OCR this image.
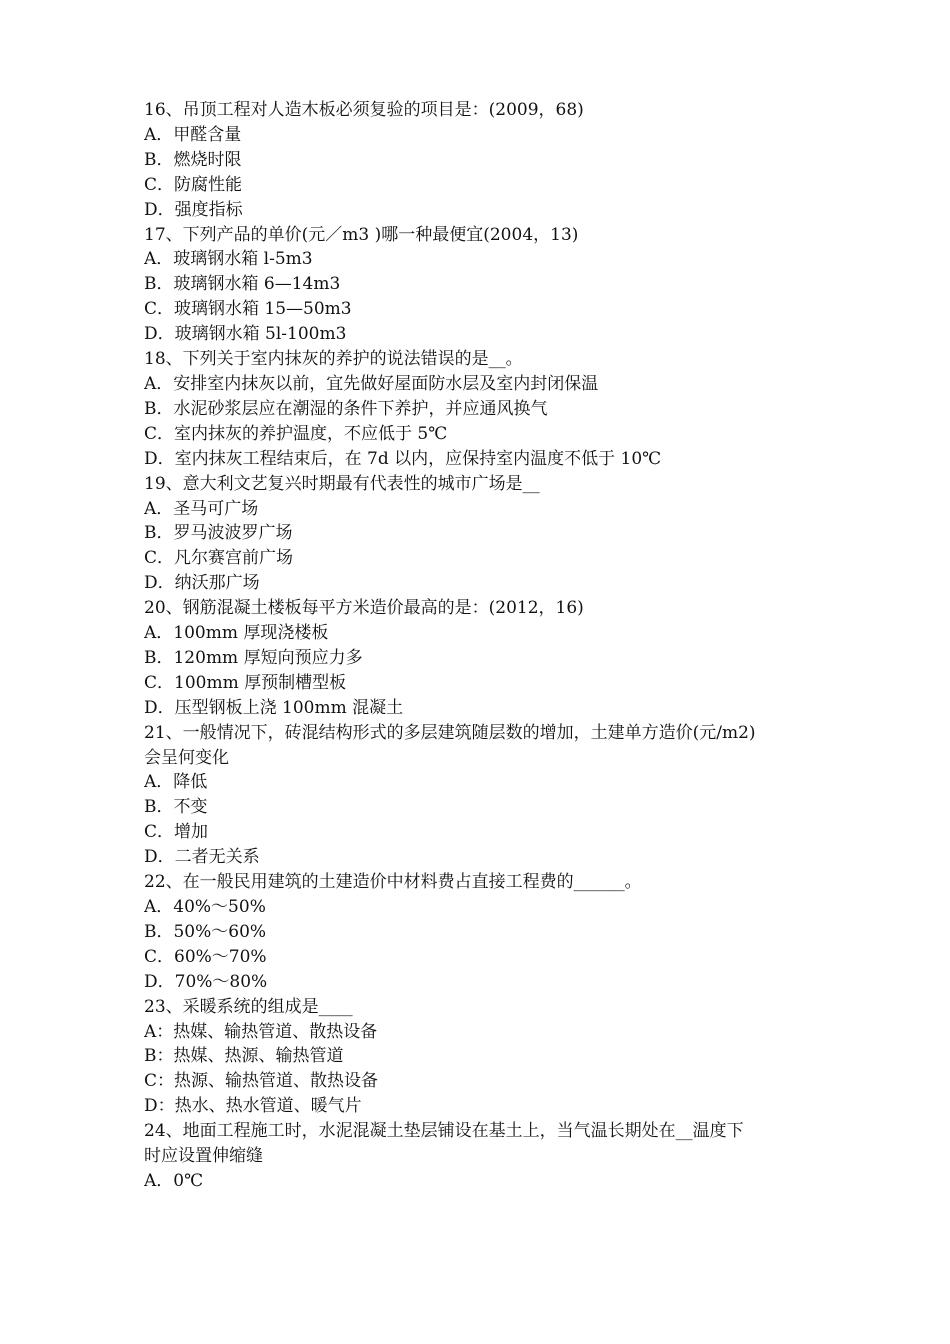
16、吊顶工程对人造木板必须复验的项目是：(2009，68)
A．甲醛含量
B．燃烧时限
C．防腐性能
D．强度指标
17、下列产品的单价(元／m3 )哪一种最便宜(2004，13)
A．玻璃钢水箱 l-5m3
B．玻璃钢水箱 6—14m3
C．玻璃钢水箱 15—50m3
D．玻璃钢水箱 5l-100m3
18、下列关于室内抹灰的养护的说法错误的是__。
A．安排室内抹灰以前，宜先做好屋面防水层及室内封闭保温
B．水泥砂浆层应在潮湿的条件下养护，并应通风换气
C．室内抹灰的养护温度，不应低于 5℃
D．室内抹灰工程结束后，在 7d 以内，应保持室内温度不低于 10℃
19、意大利文艺复兴时期最有代表性的城市广场是__
A．圣马可广场
B．罗马波波罗广场
C．凡尔赛宫前广场
D．纳沃那广场
20、钢筋混凝土楼板每平方米造价最高的是：(2012，16)
A．100mm 厚现浇楼板
B．120mm 厚短向预应力多
C．100mm 厚预制槽型板
D．压型钢板上浇 100mm 混凝土
21、一般情况下，砖混结构形式的多层建筑随层数的增加，土建单方造价(元/m2)
会呈何变化
A．降低
B．不变
C．增加
D．二者无关系
22、在一般民用建筑的土建造价中材料费占直接工程费的______。
A．40%～50%
B．50%～60%
C．60%～70%
D．70%～80%
23、采暖系统的组成是____
A：热媒、输热管道、散热设备
B：热媒、热源、输热管道
C：热源、输热管道、散热设备
D：热水、热水管道、暖气片
24、地面工程施工时，水泥混凝土垫层铺设在基土上，当气温长期处在__温度下
时应设置伸缩缝
A．0℃
